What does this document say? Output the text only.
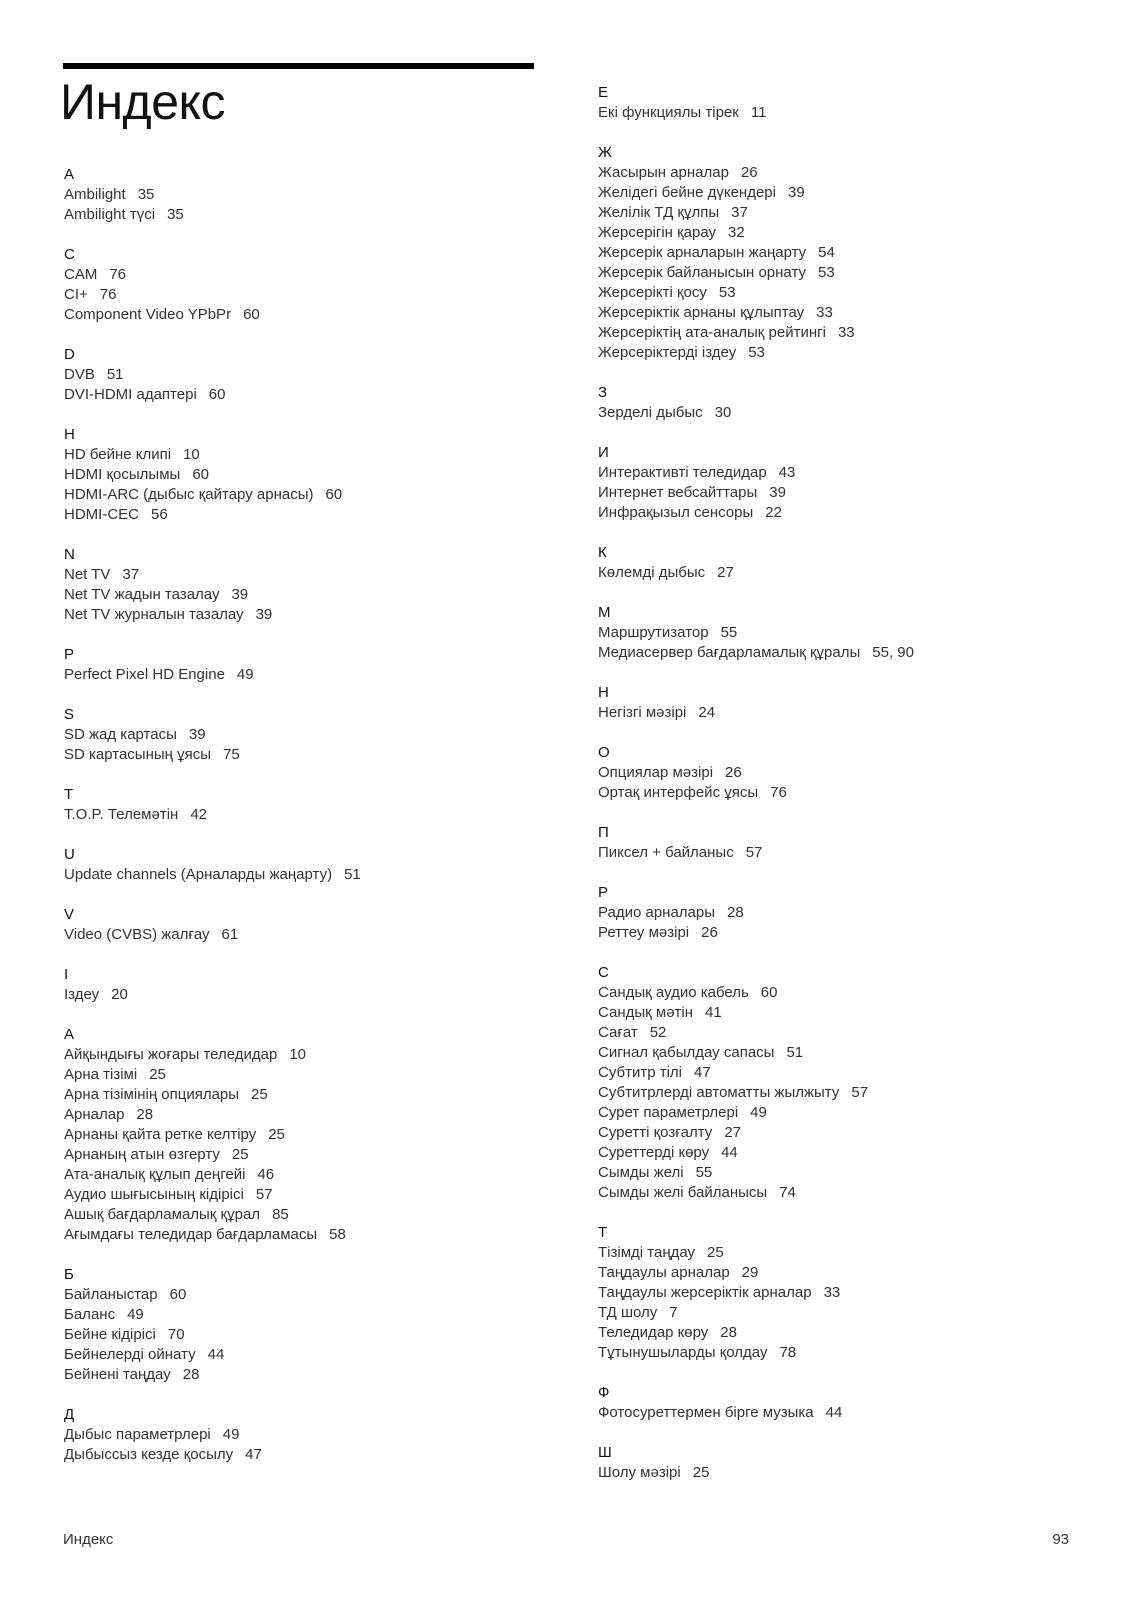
Индекс
A
Ambilight 35
Ambilight түсі 35
C
CAM 76
CI+ 76
Component Video YPbPr 60
D
DVB 51
DVI-HDMI адаптері 60
H
HD бейне клипі 10
HDMI қосылымы 60
HDMI-ARC (дыбыс қайтару арнасы) 60
HDMI-CEC 56
N
Net TV 37
Net TV жадын тазалау 39
Net TV журналын тазалау 39
P
Perfect Pixel HD Engine 49
S
SD жад картасы 39
SD картасының ұясы 75
T
T.O.P. Телемәтін 42
U
Update channels (Арналарды жаңарту) 51
V
Video (CVBS) жалғау 61
I
Іздеу 20
А
Айқындығы жоғары теледидар 10
Арна тізімі 25
Арна тізімінің опциялары 25
Арналар 28
Арнаны қайта ретке келтіру 25
Арнаның атын өзгерту 25
Ата-аналық құлып деңгейі 46
Аудио шығысының кідірісі 57
Ашық бағдарламалық құрал 85
Ағымдағы теледидар бағдарламасы 58
Б
Байланыстар 60
Баланс 49
Бейне кідірісі 70
Бейнелерді ойнату 44
Бейнені таңдау 28
Д
Дыбыс параметрлері 49
Дыбыссыз кезде қосылу 47
Е
Екі функциялы тірек 11
Ж
Жасырын арналар 26
Желідегі бейне дүкендері 39
Желілік ТД құлпы 37
Жерсерігін қарау 32
Жерсерік арналарын жаңарту 54
Жерсерік байланысын орнату 53
Жерсерікті қосу 53
Жерсеріктік арнаны құлыптау 33
Жерсеріктің ата-аналық рейтингі 33
Жерсеріктерді іздеу 53
З
Зерделі дыбыс 30
И
Интерактивті теледидар 43
Интернет вебсайттары 39
Инфрақызыл сенсоры 22
К
Көлемді дыбыс 27
М
Маршрутизатор 55
Медиасервер бағдарламалық құралы 55, 90
Н
Негізгі мәзірі 24
О
Опциялар мәзірі 26
Ортақ интерфейс ұясы 76
П
Пиксел + байланыс 57
Р
Радио арналары 28
Реттеу мәзірі 26
С
Сандық аудио кабель 60
Сандық мәтін 41
Сағат 52
Сигнал қабылдау сапасы 51
Субтитр тілі 47
Субтитрлерді автоматты жылжыту 57
Сурет параметрлері 49
Суретті қозғалту 27
Суреттерді көру 44
Сымды желі 55
Сымды желі байланысы 74
Т
Тізімді таңдау 25
Таңдаулы арналар 29
Таңдаулы жерсеріктік арналар 33
ТД шолу 7
Теледидар көру 28
Тұтынушыларды қолдау 78
Ф
Фотосуреттермен бірге музыка 44
Ш
Шолу мәзірі 25
Индекс	93
